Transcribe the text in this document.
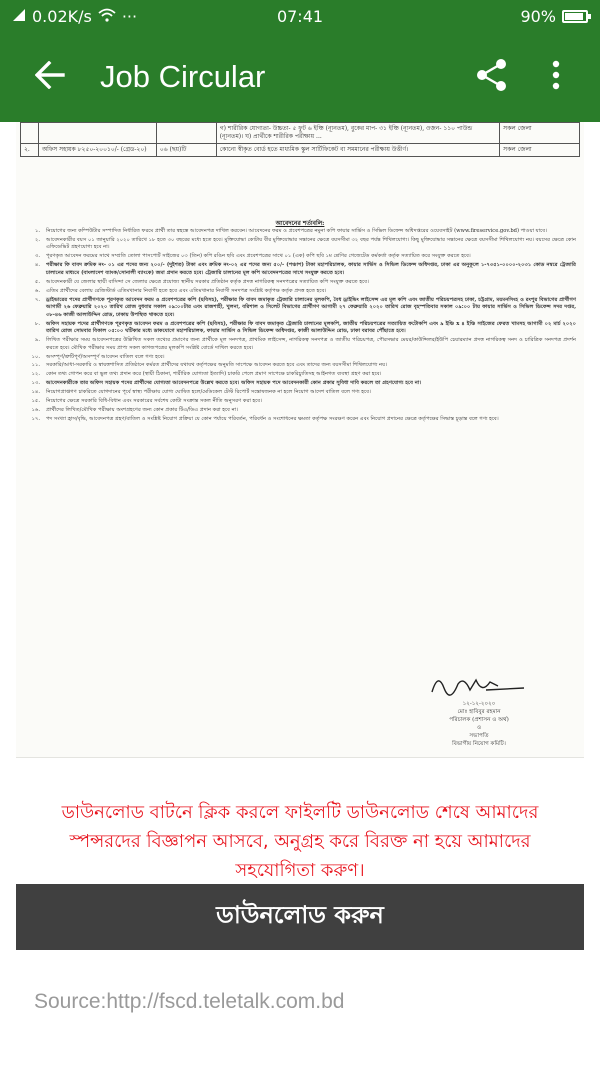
0.02K/s ···	07:41	90%
Job Circular
			গ) শারীরিক যোগ্যতা- উচ্চতা- ৫ ফুট ৬ ইঞ্চি (ন্যূনতম), বুকের মাপ- ৩১ ইঞ্চি (ন্যূনতম), ওজন- ১১০ পাউন্ড (ন্যূনতম)। ঘ) প্রার্থীকে শারীরিক পরীক্ষায় ...	সকল জেলা
২.	অফিস সহায়ক ৮২৫০-২০০১০/- (গ্রেড-২০)	০৬ (ছয়)টি	কোনো স্বীকৃত বোর্ড হতে মাধ্যমিক স্কুল সার্টিফিকেট বা সমমানের পরীক্ষায় উত্তীর্ণ।	সকল জেলা
আবেদনের শর্তাবলি:
১. নিয়োগের জন্য কম্পিউটার সম্পাদিত নির্ধারিত ফরমে প্রার্থী তার স্বহস্তে আবেদনপত্র দাখিল করবেন। আবেদনের ফরম ও প্রবেশপত্রের নমুনা কপি ফায়ার সার্ভিস ও সিভিল ডিফেন্স অধিদপ্তরের ওয়েবসাইট (www.fireservice.gov.bd) পাওয়া যাবে।
২. আবেদনকারীর বয়স ০১ জানুয়ারি ২০২০ তারিখে ১৮ হতে ৩০ বছরের মধ্যে হতে হবে। মুক্তিযোদ্ধা কোটায় বীর মুক্তিযোদ্ধার সন্তানের ক্ষেত্রে বয়সসীমা ৩২ বছর পর্যন্ত শিথিলযোগ্য। কিছু মুক্তিযোদ্ধার সন্তানের ক্ষেত্রে বয়সসীমা শিথিলযোগ্য নয়। বয়সের ক্ষেত্রে কোন এফিডেভিট গ্রহণযোগ্য হবে না।
৩. পূরণকৃত আবেদন ফরমের সাথে সম্প্রতি তোলা পাসপোর্ট সাইজের ০৩ (তিন) কপি রঙিন ছবি এবং প্রবেশপত্রের সাথে ০১ (এক) কপি ছবি ১ম শ্রেণির গেজেটেড কর্মকর্তা কর্তৃক সত্যায়িত করে সংযুক্ত করতে হবে।
৪. পরীক্ষার ফি বাবদ ক্রমিক নং- ০১ এর পদের জন্য ২০০/- (দুইশত) টাকা এবং ক্রমিক নং-০২ এর পদের জন্য ৫০/- (পঞ্চাশ) টাকা মহাপরিচালক, ফায়ার সার্ভিস ও সিভিল ডিফেন্স অধিদপ্তর, ঢাকা এর অনুকূলে ১-৭৩৫১-০০০০-২০৩১ কোড নম্বরে ট্রেজারি চালানের মাধ্যমে (বাংলাদেশ ব্যাংক/সোনালী ব্যাংকে) জমা প্রদান করতে হবে। ট্রেজারি চালানের মূল কপি আবেদনপত্রের সাথে সংযুক্ত করতে হবে।
৫. আবেদনকারী যে জেলার স্থায়ী বাসিন্দা সে জেলার ক্ষেত্রে প্রযোজ্য স্থানীয় সরকার প্রতিষ্ঠান কর্তৃক প্রদত্ত নাগরিকত্ব সনদপত্রের সত্যায়িত কপি সংযুক্ত করতে হবে।
৬. এতিম প্রার্থীদের বেলায় রেজিস্টার্ড এতিমখানার নিবাসী হতে হবে এবং এতিমখানার নিবাসী সনদপত্র সংশ্লিষ্ট কর্তৃপক্ষ কর্তৃক প্রদত্ত হতে হবে।
৭. ড্রাইভারের পদের প্রার্থীগণকে পূরণকৃত আবেদন ফরম ও প্রবেশপত্রের কপি (ছবিসহ), পরীক্ষার ফি বাবদ জমাকৃত ট্রেজারি চালানের মূলকপি, বৈধ ড্রাইভিং লাইসেন্স এর মূল কপি এবং জাতীয় পরিচয়পত্রসহ ঢাকা, চট্টগ্রাম, ময়মনসিংহ ও রংপুর বিভাগের প্রার্থীগণ আগামী ২৬ ফেব্রুয়ারি ২০২০ তারিখ রোজ বুধবার সকাল ০৯:০০টার এবং রাজশাহী, খুলনা, বরিশাল ও সিলেট বিভাগের প্রার্থীগণ আগামী ২৭ ফেব্রুয়ারি ২০২০ তারিখ রোজ বৃহস্পতিবার সকাল ০৯:০০ টায় ফায়ার সার্ভিস ও সিভিল ডিফেন্স সদর দপ্তর, ৩৮-৪৬ কাজী আলাউদ্দিন রোড, ঢাকায় উপস্থিত থাকতে হবে।
৮. অফিস সহায়ক পদের প্রার্থীগণকে পূরণকৃত আবেদন ফরম ও প্রবেশপত্রের কপি (ছবিসহ), পরীক্ষার ফি বাবদ জমাকৃত ট্রেজারি চালানের মূলকপি, জাতীয় পরিচয়পত্রের সত্যায়িত ফটোকপি এবং ৯ ইঞ্চি x ৪ ইঞ্চি সাইজের ফেরত খামসহ আগামী ০২ মার্চ ২০২০ তারিখ রোজ সোমবার বিকাল ০৫:০০ ঘটিকার মধ্যে ডাকযোগে মহাপরিচালক, ফায়ার সার্ভিস ও সিভিল ডিফেন্স অধিদপ্তর, কাজী আলাউদ্দিন রোড, ঢাকা বরাবর পৌঁছাতে হবে।
৯. লিখিত পরীক্ষার সময় আবেদনপত্রের উল্লিখিত সকল তথ্যের প্রমাণের জন্য প্রার্থীকে মূল সনদপত্র, প্রাথমিক লাইসেন্স, নাগরিকত্ব সনদপত্র ও জাতীয় পরিচয়পত্র, পৌরসভার মেয়র/কাউন্সিলর/ইউপি চেয়ারম্যান প্রদত্ত নাগরিকত্ব সনদ ও চারিত্রিক সনদপত্র প্রদর্শন করতে হবে। মৌখিক পরীক্ষার সময় প্রাপ্য সকল কাগজপত্রের মূলকপি সংশ্লিষ্ট বোর্ডে দাখিল করতে হবে।
১০. অসম্পূর্ণ/ত্রুটিপূর্ণ/অসম্পূর্ণ আবেদন বাতিল বলে গণ্য হবে।
১১. সরকারি/আধা-সরকারি ও স্বায়ত্তশাসিত প্রতিষ্ঠানে কর্মরত প্রার্থীদের যথাযথ কর্তৃপক্ষের অনুমতি সাপেক্ষে আবেদন করতে হবে এবং তাদের জন্য বয়সসীমা শিথিলযোগ্য নয়।
১২. কোন তথ্য গোপন করে বা ভুল তথ্য প্রদান করে (স্থায়ী ঠিকানা, শারীরিক যোগ্যতা ইত্যাদি) চাকরি পেলে প্রমাণ সাপেক্ষে চাকরিচ্যুতিসহ আইনগত ব্যবস্থা গ্রহণ করা হবে।
১৩. আবেদনকারীকে তার অফিস সহায়ক পদের প্রার্থীদের যোগ্যতা আবেদনপত্রে উল্লেখ করতে হবে। অফিস সহায়ক পদে আবেদনকারী কোন প্রকার সুবিধা দাবি করলে তা গ্রহণযোগ্য হবে না।
১৪. নিয়োগপ্রাপ্তগণ চাকরিতে যোগদানের পূর্বে স্বাস্থ্য পরীক্ষায় যোগ্য ঘোষিত হলে/মেডিকেল টেস্ট রিপোর্ট সন্তোষজনক না হলে নিয়োগ আদেশ বাতিল বলে গণ্য হবে।
১৫. নিয়োগের ক্ষেত্রে সরকারি বিধি-বিধান এবং সরকারের সর্বশেষ কোটা সংক্রান্ত সকল নীতি অনুসরণ করা হবে।
১৬. প্রার্থীদের লিখিত/মৌখিক পরীক্ষায় অংশগ্রহণের জন্য কোন প্রকার টিএ/ডিএ প্রদান করা হবে না।
১৭. পদ সংখ্যা হ্রাস/বৃদ্ধি, আবেদনপত্র গ্রহণ/বাতিল ও সংশ্লিষ্ট নিয়োগ প্রক্রিয়া যে কোন পর্যায়ে পরিবর্তন, পরিবর্ধন ও সংশোধনের ক্ষমতা কর্তৃপক্ষ সংরক্ষণ করেন এবং নিয়োগ প্রদানের ক্ষেত্রে কর্তৃপক্ষের সিদ্ধান্ত চূড়ান্ত বলে গণ্য হবে।
১২-১২-২০২০
মোঃ হাবিবুর রহমান
পরিচালক (প্রশাসন ও অর্থ)
ও
সভাপতি
বিভাগীয় নিয়োগ কমিটি।
ডাউনলোড বাটনে ক্লিক করলে ফাইলটি ডাউনলোড শেষে আমাদের স্পন্সরদের বিজ্ঞাপন আসবে, অনুগ্রহ করে বিরক্ত না হয়ে আমাদের সহযোগিতা করুণ।
ডাউনলোড করুন
Source:http://fscd.teletalk.com.bd
